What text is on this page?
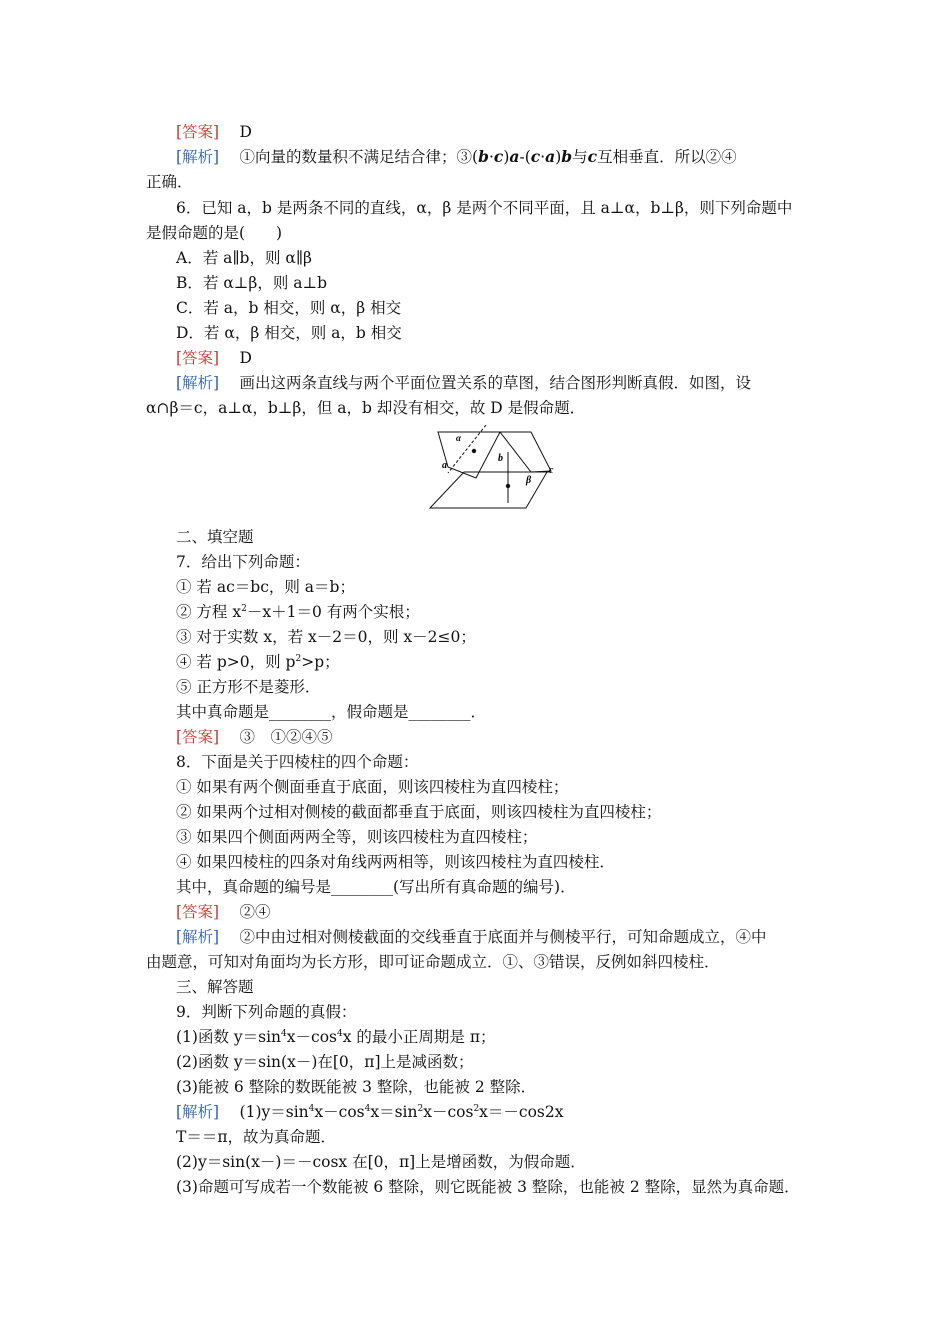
[答案]　 D
[解析]　 ①向量的数量积不满足结合律；③(b·c)a-(c·a)b与c互相垂直．所以②④
正确．
6．已知 a，b 是两条不同的直线，α，β 是两个不同平面，且 a⊥α，b⊥β，则下列命题中
是假命题的是(　　)
A．若 a∥b，则 α∥β
B．若 α⊥β，则 a⊥b
C．若 a，b 相交，则 α，β 相交
D．若 α，β 相交，则 a，b 相交
[答案]　 D
[解析]　 画出这两条直线与两个平面位置关系的草图，结合图形判断真假．如图，设
α∩β＝c，a⊥α，b⊥β，但 a，b 却没有相交，故 D 是假命题．
α
a
b
β
c
二、填空题
7．给出下列命题：
① 若 ac＝bc，则 a＝b；
② 方程 $x^2-x+1=0$ 有两个实根；
③ 对于实数 x，若 x－2＝0，则 x－2≤0；
④ 若 p>0，则 $p^2>p$；
⑤ 正方形不是菱形．
其中真命题是________，假命题是________．
[答案]　 ③　①②④⑤
8．下面是关于四棱柱的四个命题：
① 如果有两个侧面垂直于底面，则该四棱柱为直四棱柱；
② 如果两个过相对侧棱的截面都垂直于底面，则该四棱柱为直四棱柱；
③ 如果四个侧面两两全等，则该四棱柱为直四棱柱；
④ 如果四棱柱的四条对角线两两相等，则该四棱柱为直四棱柱．
其中，真命题的编号是________(写出所有真命题的编号)．
[答案]　 ②④
[解析]　 ②中由过相对侧棱截面的交线垂直于底面并与侧棱平行，可知命题成立，④中
由题意，可知对角面均为长方形，即可证命题成立．①、③错误，反例如斜四棱柱．
三、解答题
9．判断下列命题的真假：
(1)函数 $y=\sin^4x-\cos^4x$ 的最小正周期是 π；
(2)函数 y＝sin(x－)在[0，π]上是减函数；
(3)能被 6 整除的数既能被 3 整除，也能被 2 整除．
[解析]　 $(1)y=\sin^4x-\cos^4x=\sin^2x-\cos^2x=-\cos 2x$
T＝＝π，故为真命题．
(2)y＝sin(x－)＝－cosx 在[0，π]上是增函数，为假命题．
(3)命题可写成若一个数能被 6 整除，则它既能被 3 整除，也能被 2 整除，显然为真命题．
